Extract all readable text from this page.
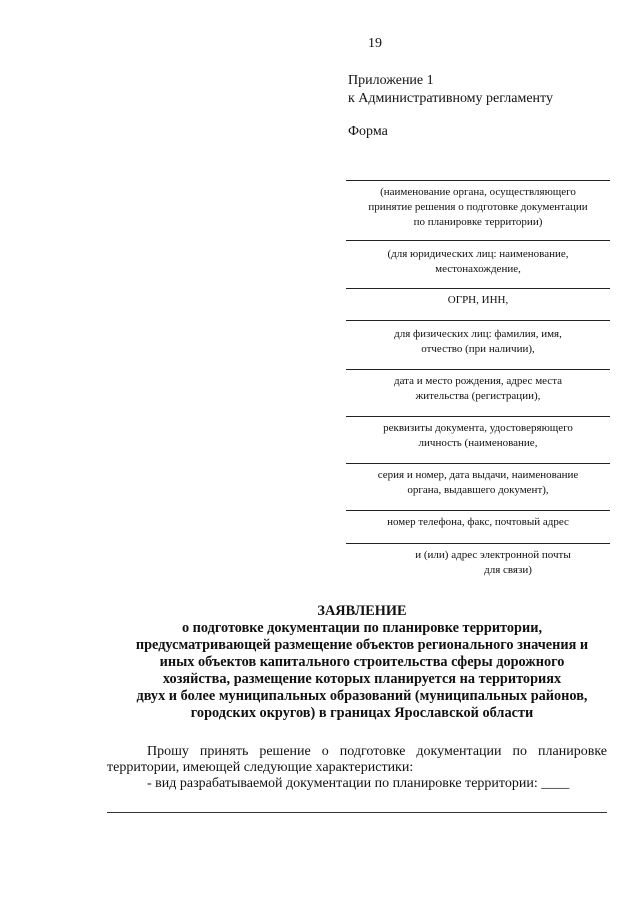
19
Приложение 1
к Административному регламенту
Форма
(наименование органа, осуществляющего
принятие решения о подготовке документации
по планировке территории)
(для юридических лиц: наименование,
местонахождение,
ОГРН, ИНН,
для физических лиц: фамилия, имя,
отчество (при наличии),
дата и место рождения, адрес места
жительства (регистрации),
реквизиты документа, удостоверяющего
личность (наименование,
серия и номер, дата выдачи, наименование
органа, выдавшего документ),
номер телефона, факс, почтовый адрес
и (или) адрес электронной почты
для связи)
ЗАЯВЛЕНИЕ
о подготовке документации по планировке территории,
предусматривающей размещение объектов регионального значения и
иных объектов капитального строительства сферы дорожного
хозяйства, размещение которых планируется на территориях
двух и более муниципальных образований (муниципальных районов,
городских округов) в границах Ярославской области
Прошу принять решение о подготовке документации по планировке территории, имеющей следующие характеристики:
- вид разрабатываемой документации по планировке территории: ____
